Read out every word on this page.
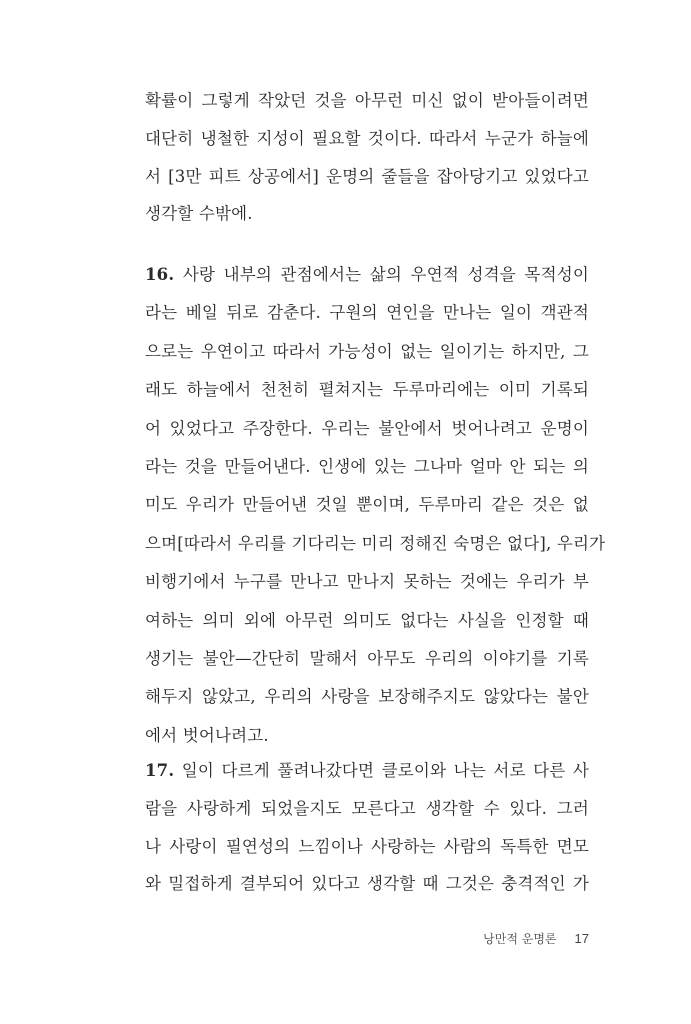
확률이 그렇게 작았던 것을 아무런 미신 없이 받아들이려면
대단히 냉철한 지성이 필요할 것이다. 따라서 누군가 하늘에
서 [3만 피트 상공에서] 운명의 줄들을 잡아당기고 있었다고
생각할 수밖에.
16. 사랑 내부의 관점에서는 삶의 우연적 성격을 목적성이
라는 베일 뒤로 감춘다. 구원의 연인을 만나는 일이 객관적
으로는 우연이고 따라서 가능성이 없는 일이기는 하지만, 그
래도 하늘에서 천천히 펼쳐지는 두루마리에는 이미 기록되
어 있었다고 주장한다. 우리는 불안에서 벗어나려고 운명이
라는 것을 만들어낸다. 인생에 있는 그나마 얼마 안 되는 의
미도 우리가 만들어낸 것일 뿐이며, 두루마리 같은 것은 없
으며[따라서 우리를 기다리는 미리 정해진 숙명은 없다], 우리가
비행기에서 누구를 만나고 만나지 못하는 것에는 우리가 부
여하는 의미 외에 아무런 의미도 없다는 사실을 인정할 때
생기는 불안—간단히 말해서 아무도 우리의 이야기를 기록
해두지 않았고, 우리의 사랑을 보장해주지도 않았다는 불안
에서 벗어나려고.
17. 일이 다르게 풀려나갔다면 클로이와 나는 서로 다른 사
람을 사랑하게 되었을지도 모른다고 생각할 수 있다. 그러
나 사랑이 필연성의 느낌이나 사랑하는 사람의 독특한 면모
와 밀접하게 결부되어 있다고 생각할 때 그것은 충격적인 가
낭만적 운명론 17
